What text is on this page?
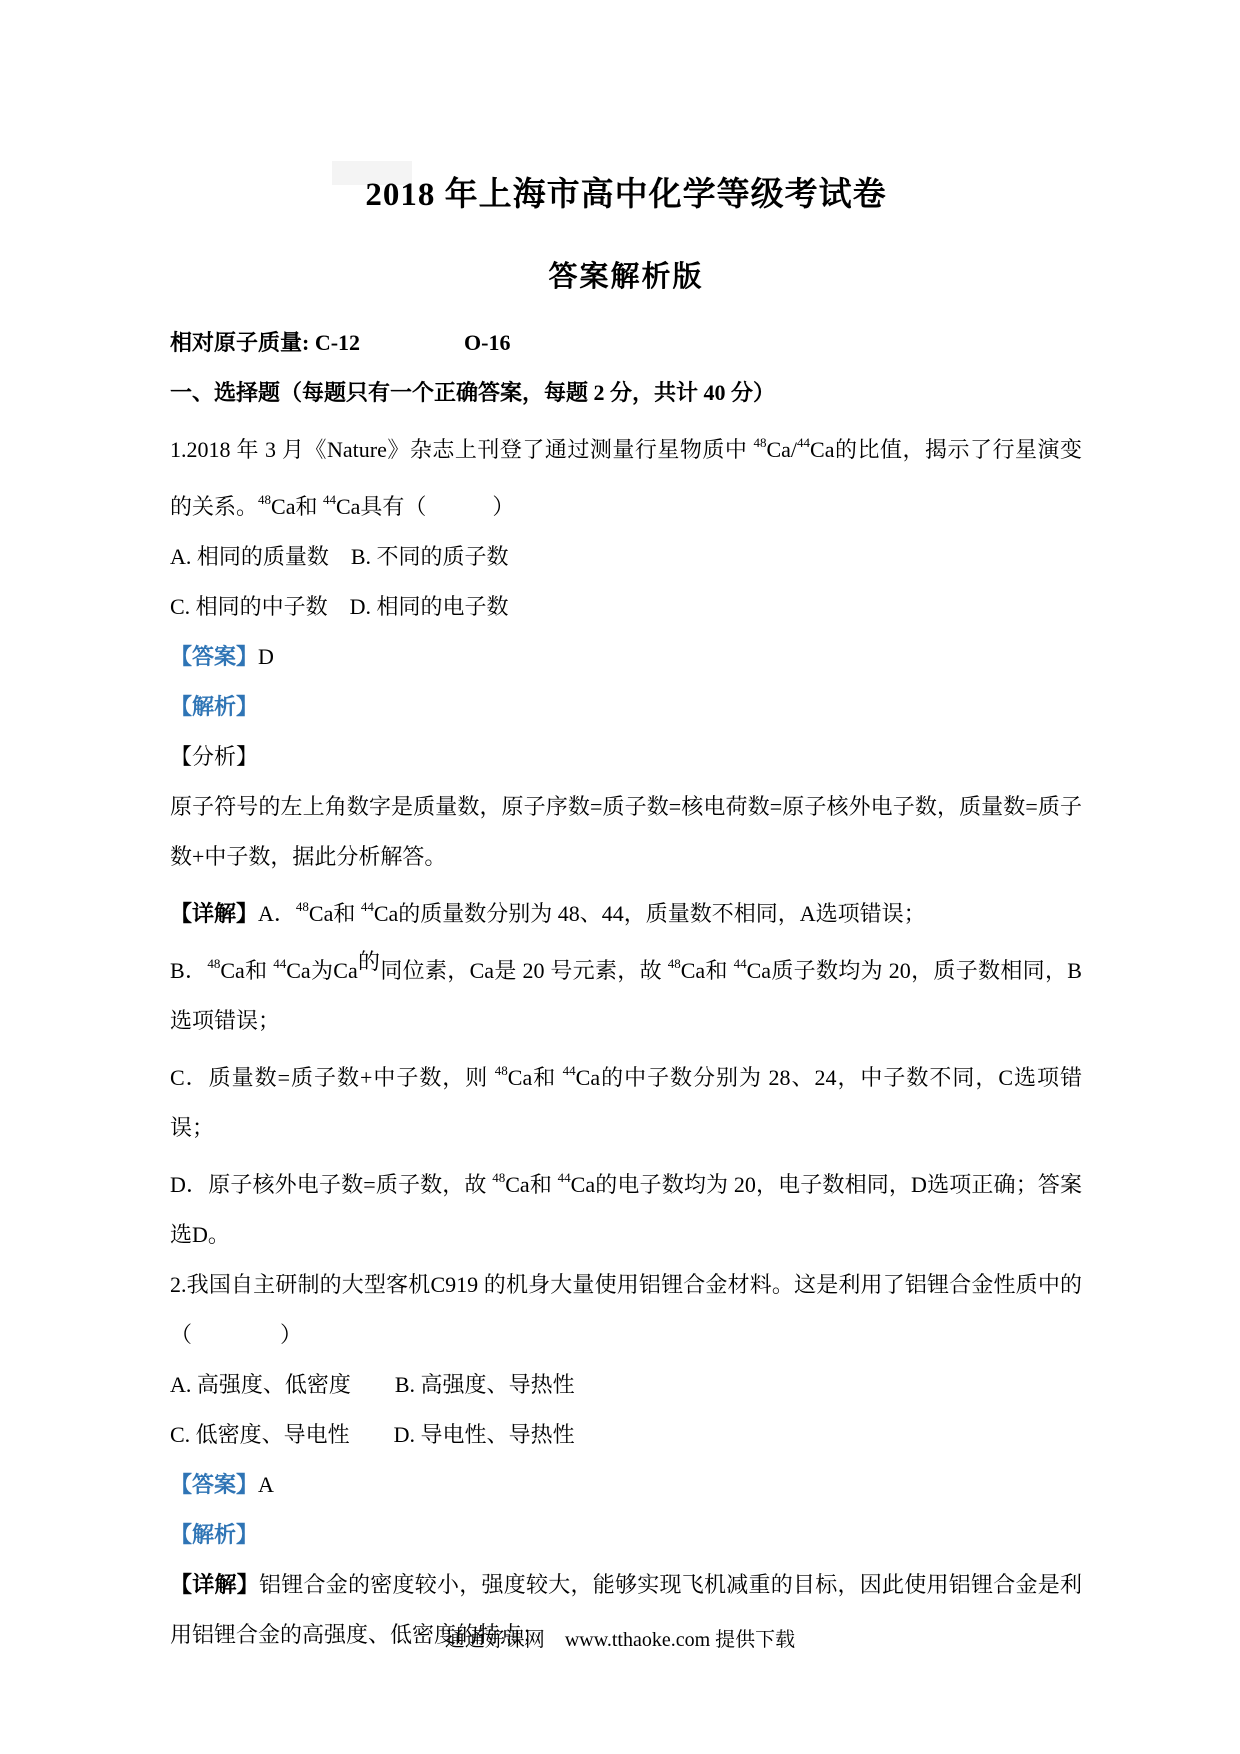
2018 年上海市高中化学等级考试卷
答案解析版

相对原子质量: C-12	O-16

一、选择题（每题只有一个正确答案，每题 2 分，共计 40 分）

1.2018 年 3 月《Nature》杂志上刊登了通过测量行星物质中 $^{48}$Ca/$^{44}$Ca的比值，揭示了行星演变的关系。$^{48}$Ca和 $^{44}$Ca具有（　　　）

A. 相同的质量数　B. 不同的质子数

C. 相同的中子数　D. 相同的电子数

【答案】D

【解析】

【分析】

原子符号的左上角数字是质量数，原子序数=质子数=核电荷数=原子核外电子数，质量数=质子数+中子数，据此分析解答。

【详解】A．$^{48}$Ca和 $^{44}$Ca的质量数分别为 48、44，质量数不相同，A选项错误；

B．$^{48}$Ca和 $^{44}$Ca为Ca的同位素，Ca是 20 号元素，故 $^{48}$Ca和 $^{44}$Ca质子数均为 20，质子数相同，B选项错误；

C．质量数=质子数+中子数，则 $^{48}$Ca和 $^{44}$Ca的中子数分别为 28、24，中子数不同，C选项错误；

D．原子核外电子数=质子数，故 $^{48}$Ca和 $^{44}$Ca的电子数均为 20，电子数相同，D选项正确；答案选D。

2.我国自主研制的大型客机C919 的机身大量使用铝锂合金材料。这是利用了铝锂合金性质中的（　　　　）

A. 高强度、低密度　　B. 高强度、导热性

C. 低密度、导电性　　D. 导电性、导热性

【答案】A

【解析】

【详解】铝锂合金的密度较小，强度较大，能够实现飞机减重的目标，因此使用铝锂合金是利用铝锂合金的高强度、低密度的特点；

通通好课网　www.tthaoke.com 提供下载
